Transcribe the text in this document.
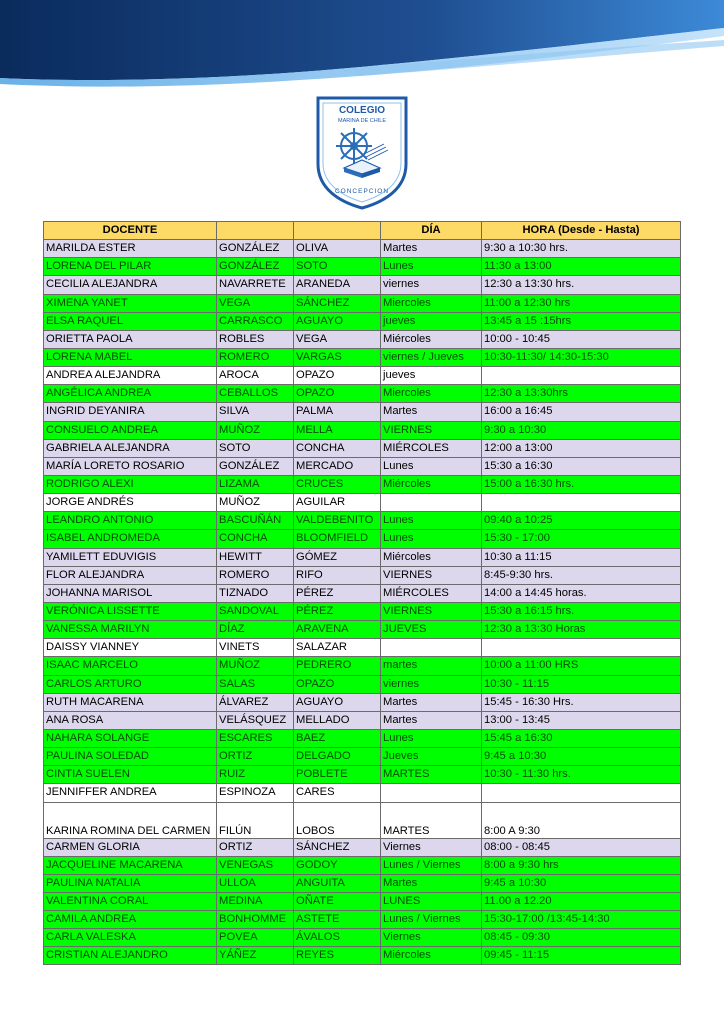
COLEGIO
MARINA DE CHILE
CONCEPCION
DOCENTE			DÍA	HORA (Desde - Hasta)
MARILDA ESTER	GONZÁLEZ	OLIVA	Martes	9:30 a 10:30 hrs.
LORENA DEL PILAR	GONZÁLEZ	SOTO	Lunes	11:30 a 13:00
CECILIA ALEJANDRA	NAVARRETE	ARANEDA	viernes	12:30 a 13:30 hrs.
XIMENA YANET	VEGA	SÁNCHEZ	Miercoles	11:00 a 12:30 hrs
ELSA RAQUEL	CARRASCO	AGUAYO	jueves	13:45 a 15 :15hrs
ORIETTA PAOLA	ROBLES	VEGA	Miércoles	10:00 - 10:45
LORENA MABEL	ROMERO	VARGAS	viernes / Jueves	10:30-11:30/ 14:30-15:30
ANDREA ALEJANDRA	AROCA	OPAZO	jueves	
ANGÉLICA ANDREA	CEBALLOS	OPAZO	Miercoles	12:30 a 13:30hrs
INGRID DEYANIRA	SILVA	PALMA	Martes	16:00 a 16:45
CONSUELO ANDREA	MUÑOZ	MELLA	VIERNES	9:30 a 10:30
GABRIELA ALEJANDRA	SOTO	CONCHA	MIÉRCOLES	12:00 a 13:00
MARÍA LORETO ROSARIO	GONZÁLEZ	MERCADO	Lunes	15:30 a 16:30
RODRIGO ALEXI	LIZAMA	CRUCES	Miércoles	15:00 a 16:30 hrs.
JORGE ANDRÉS	MUÑOZ	AGUILAR		
LEANDRO ANTONIO	BASCUÑÁN	VALDEBENITO	Lunes	09:40 a 10:25
ISABEL ANDROMEDA	CONCHA	BLOOMFIELD	Lunes	15:30 - 17:00
YAMILETT EDUVIGIS	HEWITT	GÓMEZ	Miércoles	10:30 a 11:15
FLOR ALEJANDRA	ROMERO	RIFO	VIERNES	8:45-9:30 hrs.
JOHANNA MARISOL	TIZNADO	PÉREZ	MIÉRCOLES	14:00 a 14:45 horas.
VERÓNICA LISSETTE	SANDOVAL	PÉREZ	VIERNES	15:30 a 16:15 hrs.
VANESSA MARILYN	DÍAZ	ARAVENA	JUEVES	12:30 a 13:30 Horas
DAISSY VIANNEY	VINETS	SALAZAR		
ISAAC MARCELO	MUÑOZ	PEDRERO	martes	10:00 a 11:00 HRS
CARLOS ARTURO	SALAS	OPAZO	viernes	10:30 - 11:15
RUTH MACARENA	ÁLVAREZ	AGUAYO	Martes	15:45 - 16:30 Hrs.
ANA ROSA	VELÁSQUEZ	MELLADO	Martes	13:00 - 13:45
NAHARA SOLANGE	ESCARES	BAEZ	Lunes	15:45 a 16:30
PAULINA SOLEDAD	ORTIZ	DELGADO	Jueves	9:45 a 10:30
CINTIA SUELEN	RUIZ	POBLETE	MARTES	10:30 - 11:30 hrs.
JENNIFFER ANDREA	ESPINOZA	CARES		
KARINA ROMINA DEL CARMEN	FILÚN	LOBOS	MARTES	8:00 A 9:30
CARMEN GLORIA	ORTIZ	SÁNCHEZ	Viernes	08:00 - 08:45
JACQUELINE MACARENA	VENEGAS	GODOY	Lunes / Viernes	8:00 a 9:30 hrs
PAULINA NATALIA	ULLOA	ANGUITA	Martes	9:45 a 10:30
VALENTINA CORAL	MEDINA	OÑATE	LUNES	11.00 a 12.20
CAMILA ANDREA	BONHOMME	ASTETE	Lunes / Viernes	15:30-17:00 /13:45-14:30
CARLA VALESKA	POVEA	ÁVALOS	Viernes	08:45 - 09:30
CRISTIAN ALEJANDRO	YÁÑEZ	REYES	Miércoles	09:45 - 11:15
